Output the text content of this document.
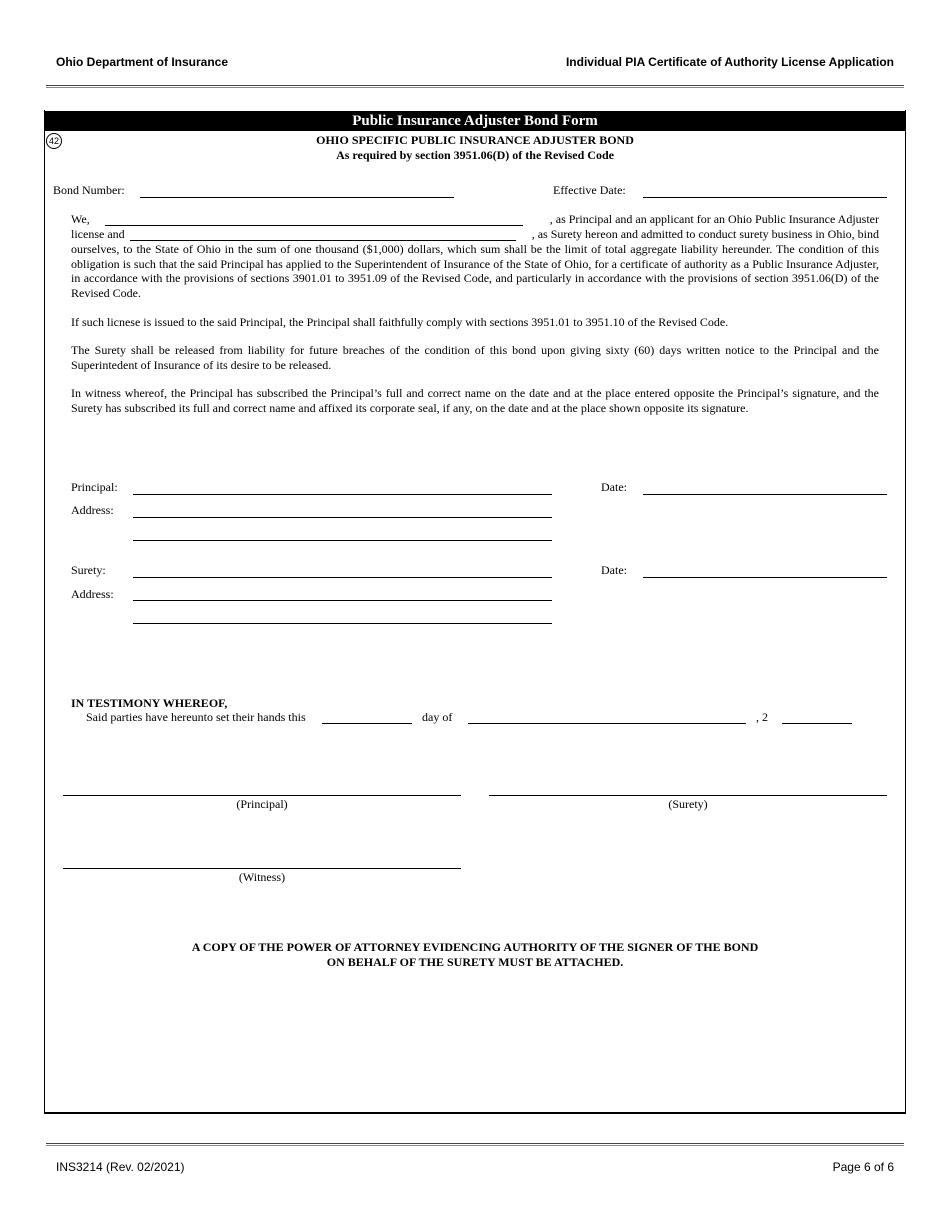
Ohio Department of Insurance	Individual PIA Certificate of Authority License Application
Public Insurance Adjuster Bond Form
42	OHIO SPECIFIC PUBLIC INSURANCE ADJUSTER BOND
As required by section 3951.06(D) of the Revised Code
Bond Number:	Effective Date:
We,	, as Principal and an applicant for an Ohio Public Insurance Adjuster
license and	, as Surety hereon and admitted to conduct surety business in Ohio, bind
ourselves, to the State of Ohio in the sum of one thousand ($1,000) dollars, which sum shall be the limit of total aggregate liability hereunder. The condition of this obligation is such that the said Principal has applied to the Superintendent of Insurance of the State of Ohio, for a certificate of authority as a Public Insurance Adjuster, in accordance with the provisions of sections 3901.01 to 3951.09 of the Revised Code, and particularly in accordance with the provisions of section 3951.06(D) of the Revised Code.
If such licnese is issued to the said Principal, the Principal shall faithfully comply with sections 3951.01 to 3951.10 of the Revised Code.
The Surety shall be released from liability for future breaches of the condition of this bond upon giving sixty (60) days written notice to the Principal and the Superintedent of Insurance of its desire to be released.
In witness whereof, the Principal has subscribed the Principal’s full and correct name on the date and at the place entered opposite the Principal’s signature, and the Surety has subscribed its full and correct name and affixed its corporate seal, if any, on the date and at the place shown opposite its signature.
Principal:	Date:
Address:
Surety:	Date:
Address:
IN TESTIMONY WHEREOF,
Said parties have hereunto set their hands this	day of	, 2
(Principal)	(Surety)
(Witness)
A COPY OF THE POWER OF ATTORNEY EVIDENCING AUTHORITY OF THE SIGNER OF THE BOND
ON BEHALF OF THE SURETY MUST BE ATTACHED.
INS3214 (Rev. 02/2021)	Page 6 of 6
